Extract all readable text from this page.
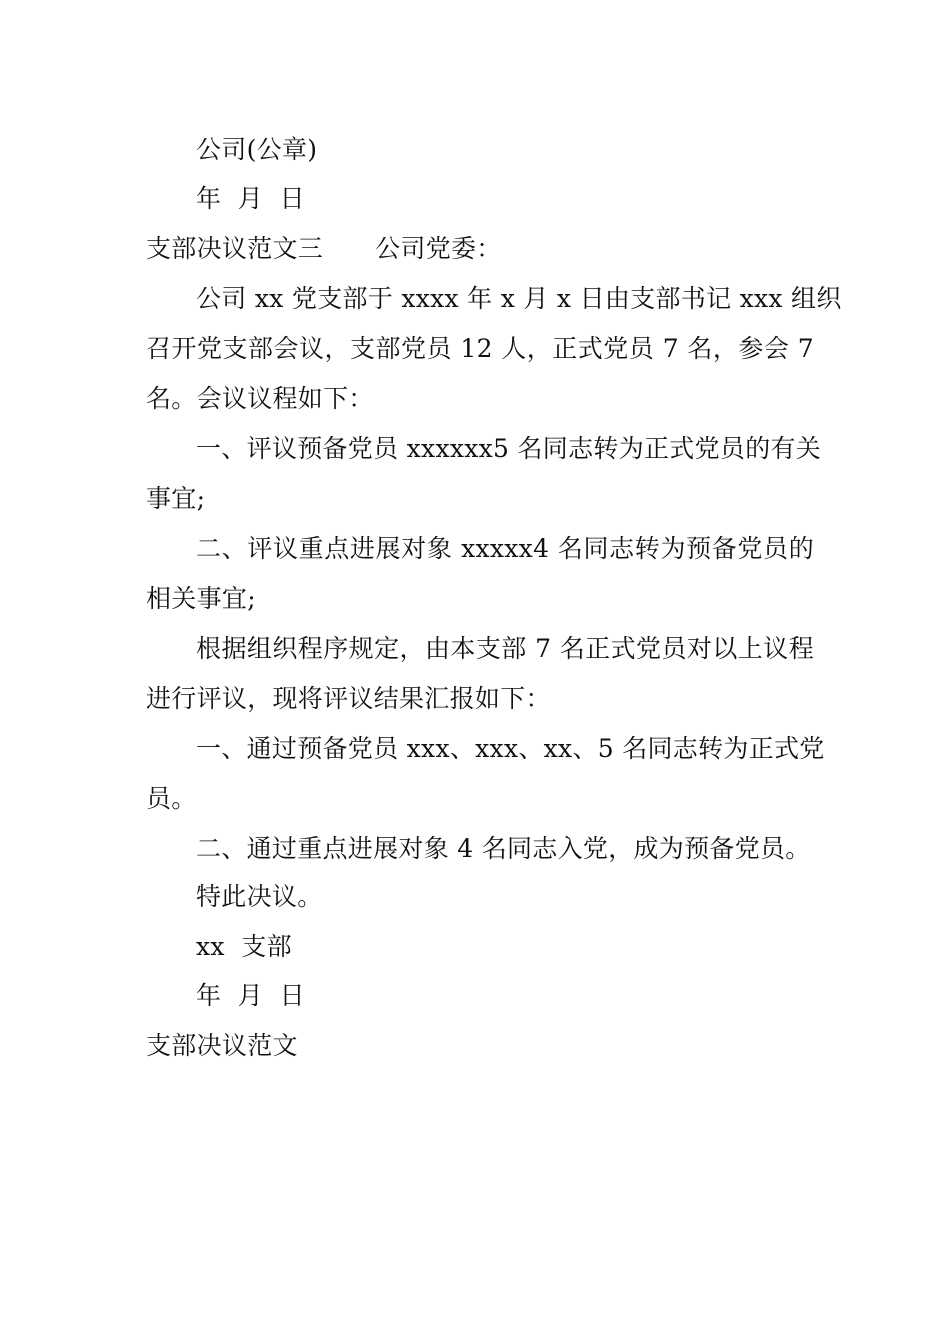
公司(公章)
年  月  日
支部决议范文三 公司党委：
公司 xx 党支部于 xxxx 年 x 月 x 日由支部书记 xxx 组织
召开党支部会议，支部党员 12 人，正式党员 7 名，参会 7
名。会议议程如下：
一、评议预备党员 xxxxxx5 名同志转为正式党员的有关
事宜;
二、评议重点进展对象 xxxxx4 名同志转为预备党员的
相关事宜;
根据组织程序规定，由本支部 7 名正式党员对以上议程
进行评议，现将评议结果汇报如下：
一、通过预备党员 xxx、xxx、xx、5 名同志转为正式党
员。
二、通过重点进展对象 4 名同志入党，成为预备党员。
特此决议。
xx  支部
年  月  日
支部决议范文
